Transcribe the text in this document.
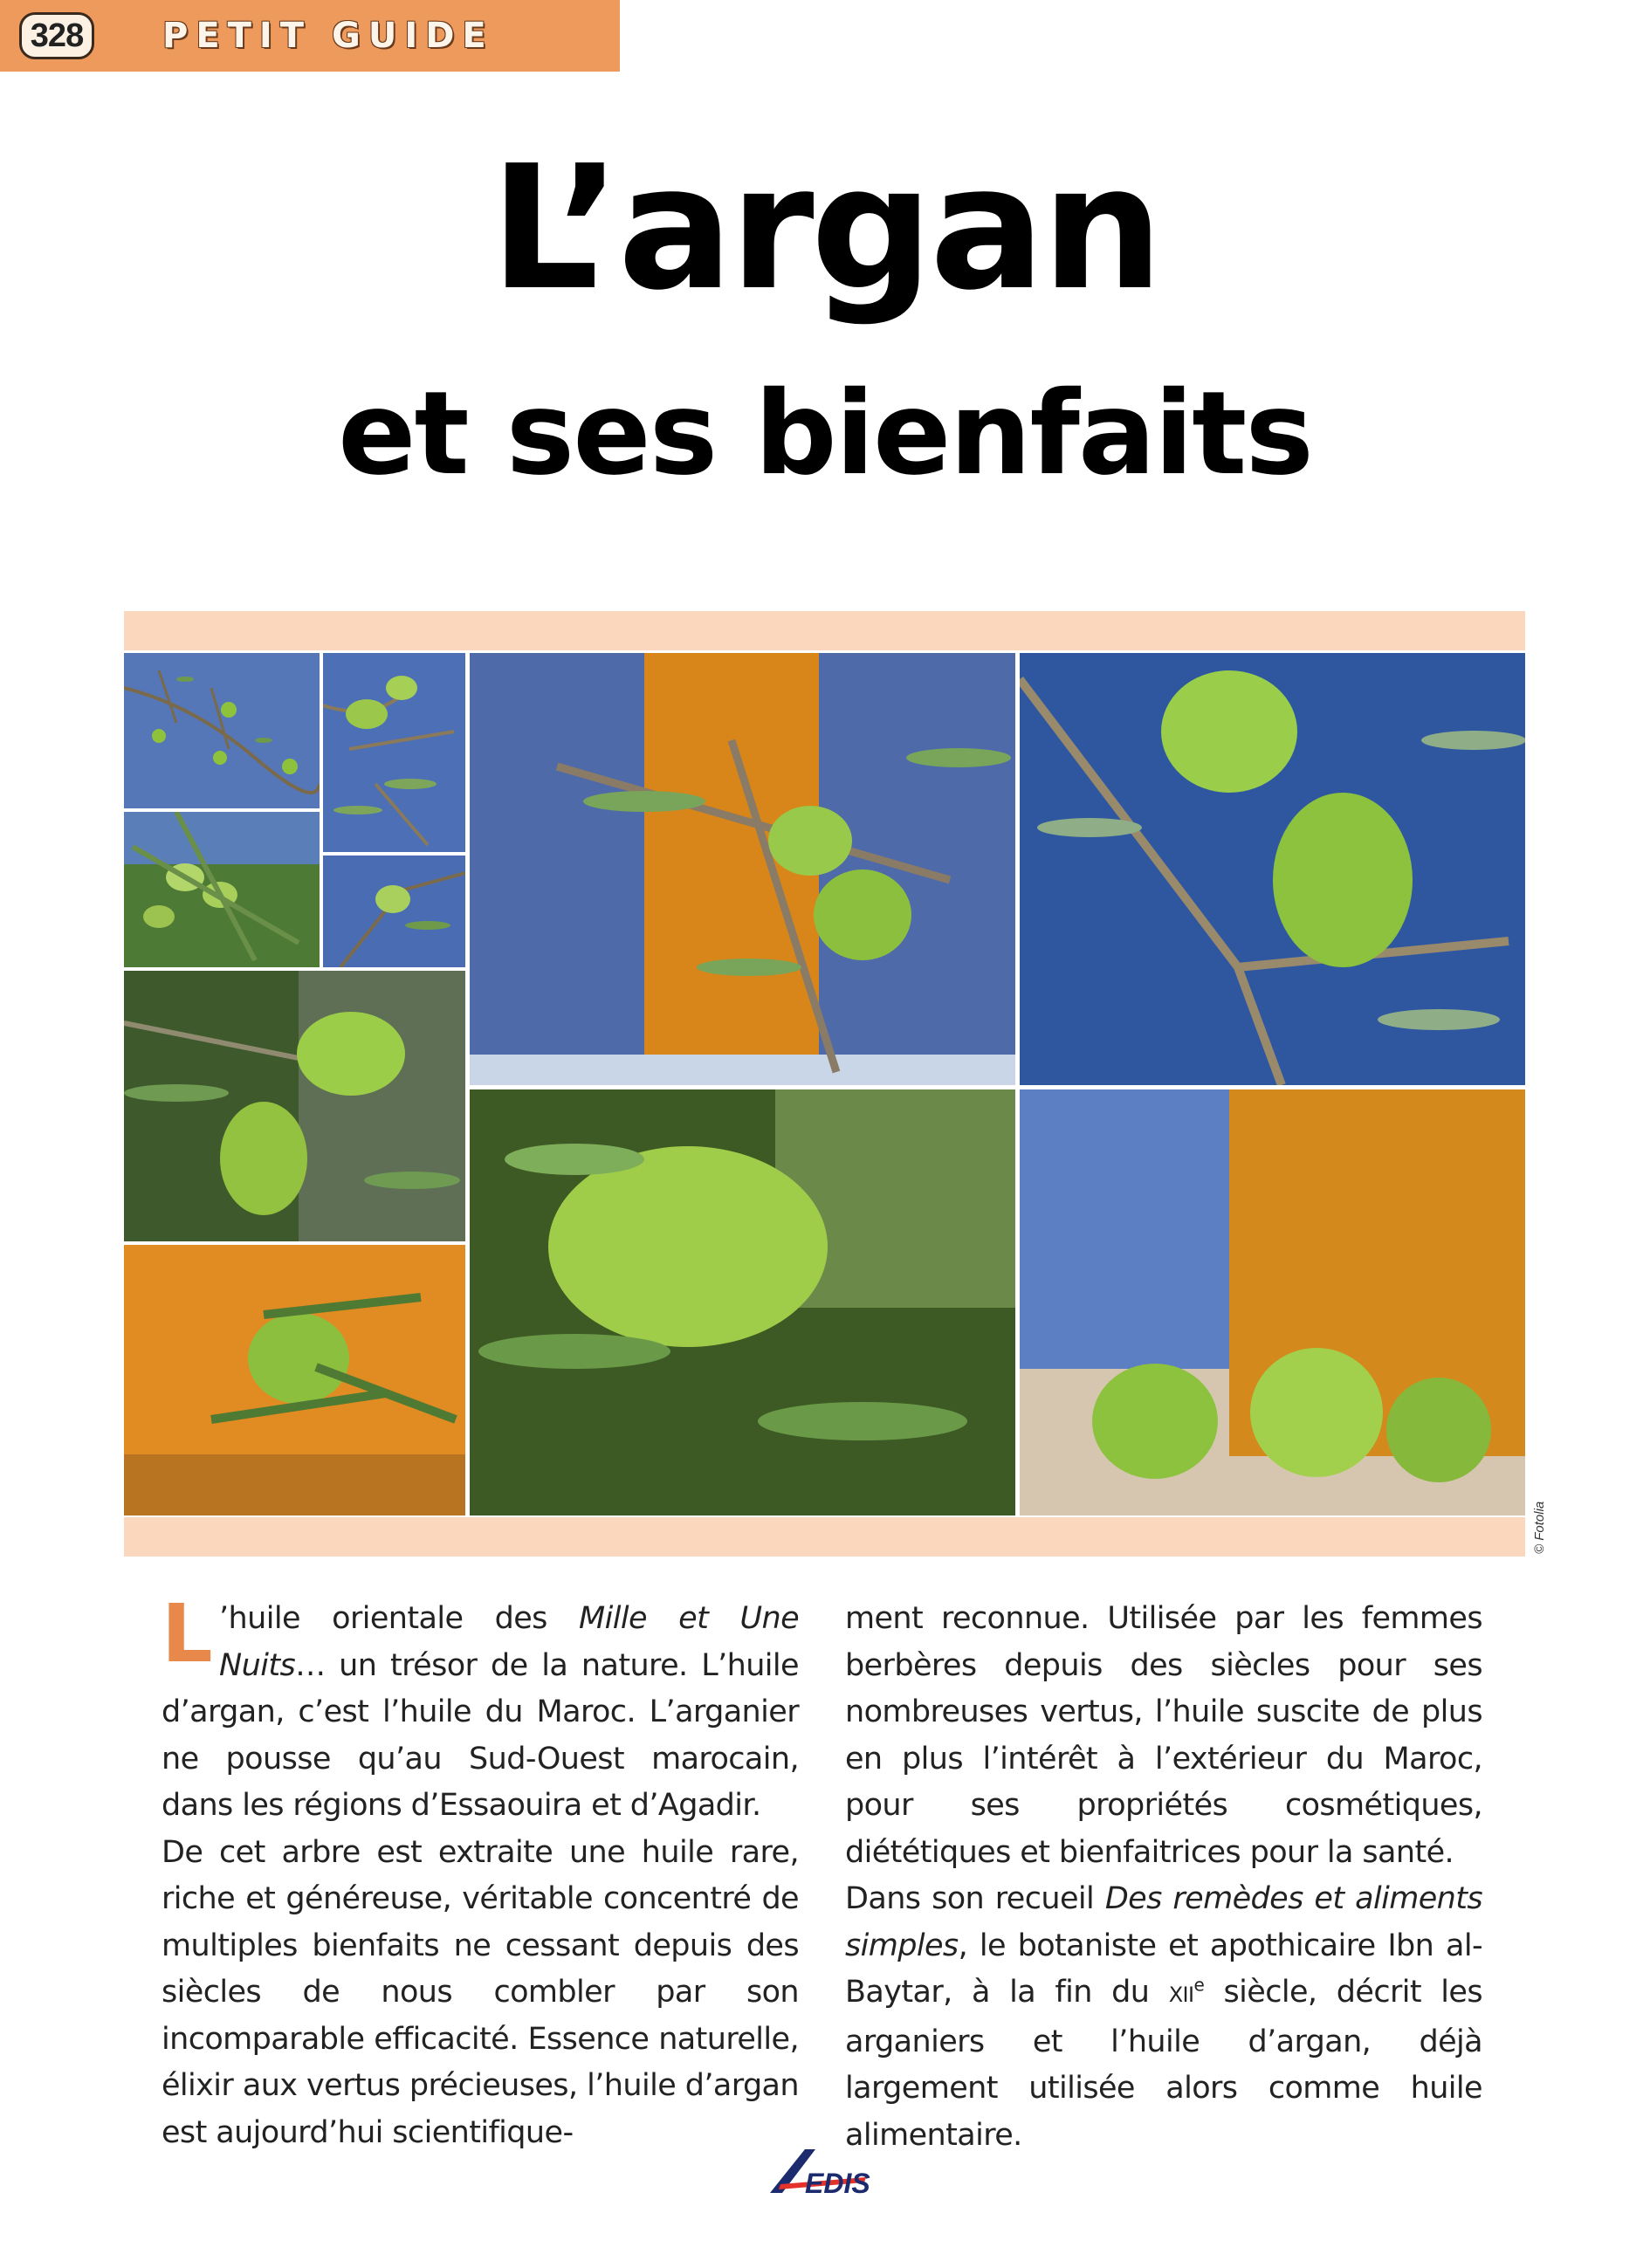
328	PETIT GUIDE
L’argan
et ses bienfaits
© Fotolia

L ’huile orientale des Mille et Une Nuits… un trésor de la nature. L’huile d’argan, c’est l’huile du Maroc. L’arganier ne pousse qu’au Sud-Ouest marocain, dans les régions d’Essaouira et d’Agadir.

De cet arbre est extraite une huile rare, riche et généreuse, véritable concentré de multiples bienfaits ne cessant depuis des siècles de nous combler par son incomparable efficacité. Essence naturelle, élixir aux vertus précieuses, l’huile d’argan est aujourd’hui scientifique-

ment reconnue. Utilisée par les femmes berbères depuis des siècles pour ses nombreuses vertus, l’huile suscite de plus en plus l’intérêt à l’extérieur du Maroc, pour ses propriétés cosmétiques, diététiques et bienfaitrices pour la santé.

Dans son recueil Des remèdes et aliments simples, le botaniste et apothicaire Ibn al-Baytar, à la fin du XIIe siècle, décrit les arganiers et l’huile d’argan, déjà largement utilisée alors comme huile alimentaire.

EDIS
